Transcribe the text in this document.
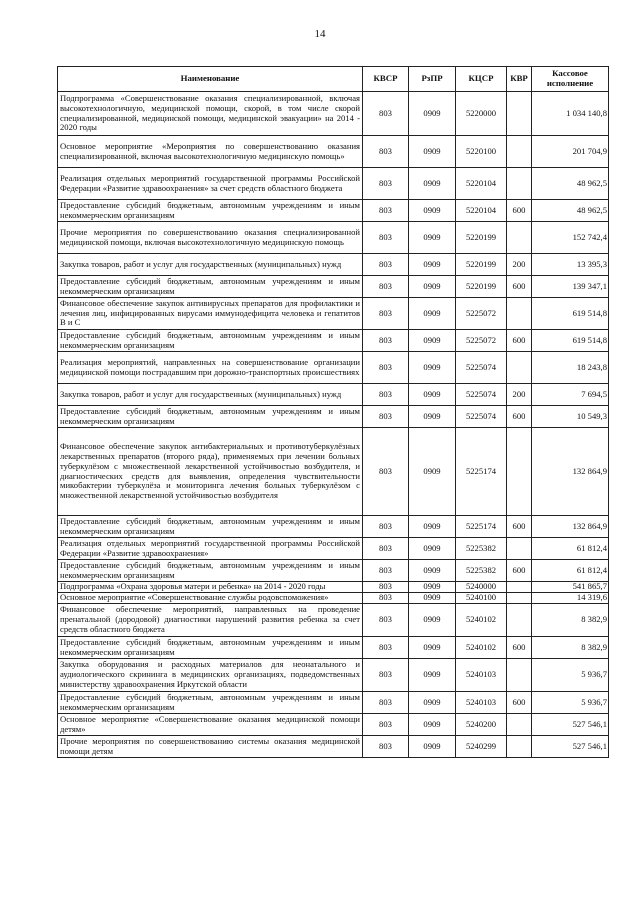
14
Наименование	КВСР	РзПР	КЦСР	КВР	Кассовое исполнение
Подпрограмма «Совершенствование оказания специализированной, включая высокотехнологичную, медицинской помощи, скорой, в том числе скорой специализированной, медицинской помощи, медицинской эвакуации» на 2014 - 2020 годы	803	0909	5220000		1 034 140,8
Основное мероприятие «Мероприятия по совершенствованию оказания специализированной, включая высокотехнологичную медицинскую помощь»	803	0909	5220100		201 704,9
Реализация отдельных мероприятий государственной программы Российской Федерации «Развитие здравоохранения» за счет средств областного бюджета	803	0909	5220104		48 962,5
Предоставление субсидий бюджетным, автономным учреждениям и иным некоммерческим организациям	803	0909	5220104	600	48 962,5
Прочие мероприятия по совершенствованию оказания специализированной медицинской помощи, включая высокотехнологичную медицинскую помощь	803	0909	5220199		152 742,4
Закупка товаров, работ и услуг для государственных (муниципальных) нужд	803	0909	5220199	200	13 395,3
Предоставление субсидий бюджетным, автономным учреждениям и иным некоммерческим организациям	803	0909	5220199	600	139 347,1
Финансовое обеспечение закупок антивирусных препаратов для профилактики и лечения лиц, инфицированных вирусами иммунодефицита человека и гепатитов В и С	803	0909	5225072		619 514,8
Предоставление субсидий бюджетным, автономным учреждениям и иным некоммерческим организациям	803	0909	5225072	600	619 514,8
Реализация мероприятий, направленных на совершенствование организации медицинской помощи пострадавшим при дорожно-транспортных происшествиях	803	0909	5225074		18 243,8
Закупка товаров, работ и услуг для государственных (муниципальных) нужд	803	0909	5225074	200	7 694,5
Предоставление субсидий бюджетным, автономным учреждениям и иным некоммерческим организациям	803	0909	5225074	600	10 549,3
Финансовое обеспечение закупок антибактериальных и противотуберкулёзных лекарственных препаратов (второго ряда), применяемых при лечении больных туберкулёзом с множественной лекарственной устойчивостью возбудителя, и диагностических средств для выявления, определения чувствительности микобактерии туберкулёза и мониторинга лечения больных туберкулёзом с множественной лекарственной устойчивостью возбудителя	803	0909	5225174		132 864,9
Предоставление субсидий бюджетным, автономным учреждениям и иным некоммерческим организациям	803	0909	5225174	600	132 864,9
Реализация отдельных мероприятий государственной программы Российской Федерации «Развитие здравоохранения»	803	0909	5225382		61 812,4
Предоставление субсидий бюджетным, автономным учреждениям и иным некоммерческим организациям	803	0909	5225382	600	61 812,4
Подпрограмма «Охрана здоровья матери и ребенка» на 2014 - 2020 годы	803	0909	5240000		541 865,7
Основное мероприятие «Совершенствование службы родовспоможения»	803	0909	5240100		14 319,6
Финансовое обеспечение мероприятий, направленных на проведение пренатальной (дородовой) диагностики нарушений развития ребенка за счет средств областного бюджета	803	0909	5240102		8 382,9
Предоставление субсидий бюджетным, автономным учреждениям и иным некоммерческим организациям	803	0909	5240102	600	8 382,9
Закупка оборудования и расходных материалов для неонатального и аудиологического скрининга в медицинских организациях, подведомственных министерству здравоохранения Иркутской области	803	0909	5240103		5 936,7
Предоставление субсидий бюджетным, автономным учреждениям и иным некоммерческим организациям	803	0909	5240103	600	5 936,7
Основное мероприятие «Совершенствование оказания медицинской помощи детям»	803	0909	5240200		527 546,1
Прочие мероприятия по совершенствованию системы оказания медицинской помощи детям	803	0909	5240299		527 546,1
